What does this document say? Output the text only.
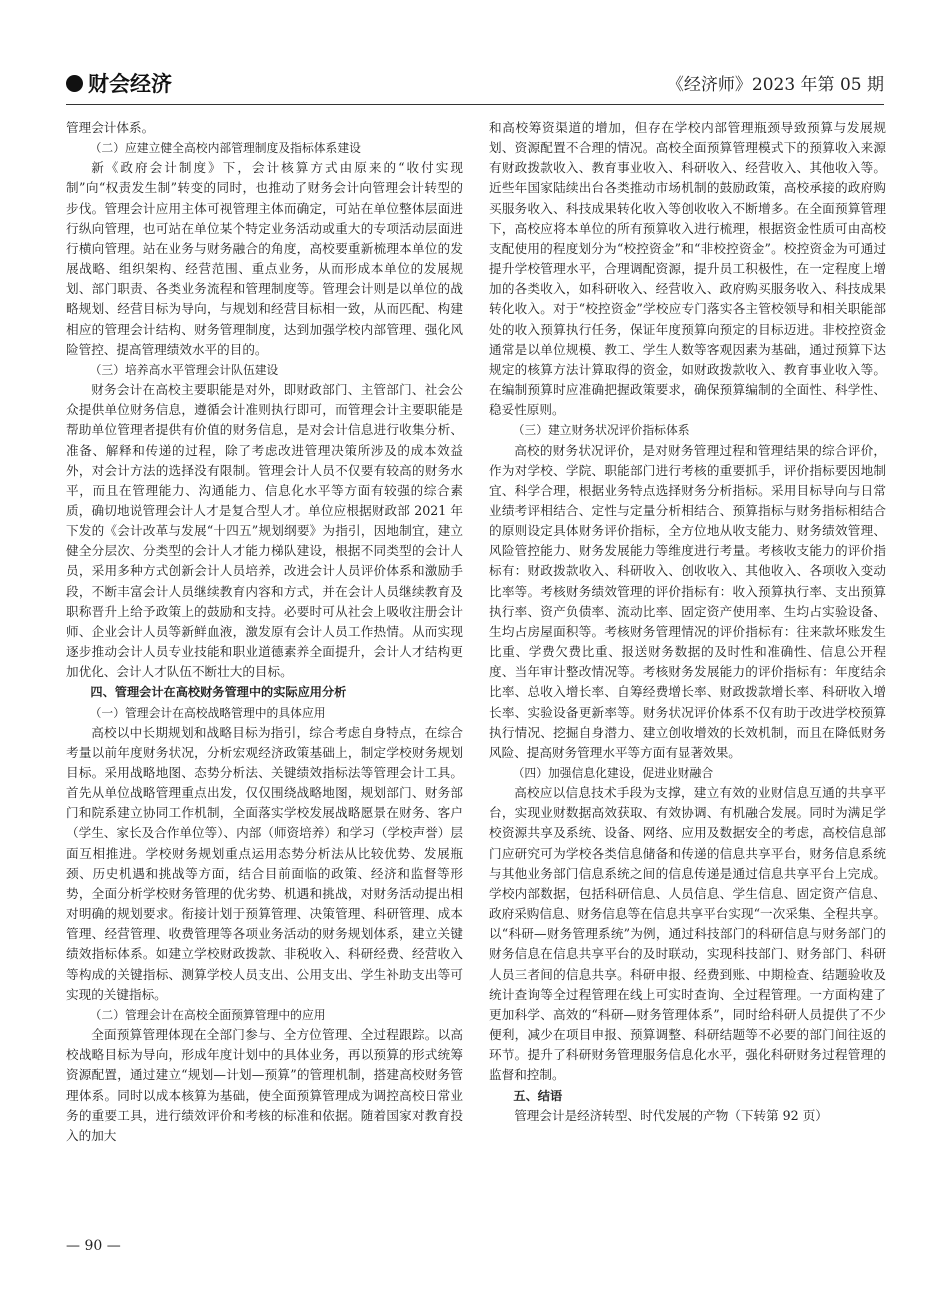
财会经济	《经济师》2023 年第 05 期

管理会计体系。

（二）应建立健全高校内部管理制度及指标体系建设

新《政府会计制度》下，会计核算方式由原来的“收付实现制”向“权责发生制”转变的同时，也推动了财务会计向管理会计转型的步伐。管理会计应用主体可视管理主体而确定，可站在单位整体层面进行纵向管理，也可站在单位某个特定业务活动或重大的专项活动层面进行横向管理。站在业务与财务融合的角度，高校要重新梳理本单位的发展战略、组织架构、经营范围、重点业务，从而形成本单位的发展规划、部门职责、各类业务流程和管理制度等。管理会计则是以单位的战略规划、经营目标为导向，与规划和经营目标相一致，从而匹配、构建相应的管理会计结构、财务管理制度，达到加强学校内部管理、强化风险管控、提高管理绩效水平的目的。

（三）培养高水平管理会计队伍建设

财务会计在高校主要职能是对外，即财政部门、主管部门、社会公众提供单位财务信息，遵循会计准则执行即可，而管理会计主要职能是帮助单位管理者提供有价值的财务信息，是对会计信息进行收集分析、准备、解释和传递的过程，除了考虑改进管理决策所涉及的成本效益外，对会计方法的选择没有限制。管理会计人员不仅要有较高的财务水平，而且在管理能力、沟通能力、信息化水平等方面有较强的综合素质，确切地说管理会计人才是复合型人才。单位应根据财政部 2021 年下发的《会计改革与发展“十四五”规划纲要》为指引，因地制宜，建立健全分层次、分类型的会计人才能力梯队建设，根据不同类型的会计人员，采用多种方式创新会计人员培养，改进会计人员评价体系和激励手段，不断丰富会计人员继续教育内容和方式，并在会计人员继续教育及职称晋升上给予政策上的鼓励和支持。必要时可从社会上吸收注册会计师、企业会计人员等新鲜血液，激发原有会计人员工作热情。从而实现逐步推动会计人员专业技能和职业道德素养全面提升，会计人才结构更加优化、会计人才队伍不断壮大的目标。

四、管理会计在高校财务管理中的实际应用分析

（一）管理会计在高校战略管理中的具体应用

高校以中长期规划和战略目标为指引，综合考虑自身特点，在综合考量以前年度财务状况，分析宏观经济政策基础上，制定学校财务规划目标。采用战略地图、态势分析法、关键绩效指标法等管理会计工具。首先从单位战略管理重点出发，仅仅围绕战略地图，规划部门、财务部门和院系建立协同工作机制，全面落实学校发展战略愿景在财务、客户（学生、家长及合作单位等）、内部（师资培养）和学习（学校声誉）层面互相推进。学校财务规划重点运用态势分析法从比较优势、发展瓶颈、历史机遇和挑战等方面，结合目前面临的政策、经济和监督等形势，全面分析学校财务管理的优劣势、机遇和挑战，对财务活动提出相对明确的规划要求。衔接计划于预算管理、决策管理、科研管理、成本管理、经营管理、收费管理等各项业务活动的财务规划体系，建立关键绩效指标体系。如建立学校财政拨款、非税收入、科研经费、经营收入等构成的关键指标、测算学校人员支出、公用支出、学生补助支出等可实现的关键指标。

（二）管理会计在高校全面预算管理中的应用

全面预算管理体现在全部门参与、全方位管理、全过程跟踪。以高校战略目标为导向，形成年度计划中的具体业务，再以预算的形式统筹资源配置，通过建立“规划—计划—预算”的管理机制，搭建高校财务管理体系。同时以成本核算为基础，使全面预算管理成为调控高校日常业务的重要工具，进行绩效评价和考核的标准和依据。随着国家对教育投入的加大

和高校筹资渠道的增加，但存在学校内部管理瓶颈导致预算与发展规划、资源配置不合理的情况。高校全面预算管理模式下的预算收入来源有财政拨款收入、教育事业收入、科研收入、经营收入、其他收入等。近些年国家陆续出台各类推动市场机制的鼓励政策，高校承接的政府购买服务收入、科技成果转化收入等创收收入不断增多。在全面预算管理下，高校应将本单位的所有预算收入进行梳理，根据资金性质可由高校支配使用的程度划分为“校控资金”和“非校控资金”。校控资金为可通过提升学校管理水平，合理调配资源，提升员工积极性，在一定程度上增加的各类收入，如科研收入、经营收入、政府购买服务收入、科技成果转化收入。对于“校控资金”学校应专门落实各主管校领导和相关职能部处的收入预算执行任务，保证年度预算向预定的目标迈进。非校控资金通常是以单位规模、教工、学生人数等客观因素为基础，通过预算下达规定的核算方法计算取得的资金，如财政拨款收入、教育事业收入等。在编制预算时应准确把握政策要求，确保预算编制的全面性、科学性、稳妥性原则。

（三）建立财务状况评价指标体系

高校的财务状况评价，是对财务管理过程和管理结果的综合评价，作为对学校、学院、职能部门进行考核的重要抓手，评价指标要因地制宜、科学合理，根据业务特点选择财务分析指标。采用目标导向与日常业绩考评相结合、定性与定量分析相结合、预算指标与财务指标相结合的原则设定具体财务评价指标，全方位地从收支能力、财务绩效管理、风险管控能力、财务发展能力等维度进行考量。考核收支能力的评价指标有：财政拨款收入、科研收入、创收收入、其他收入、各项收入变动比率等。考核财务绩效管理的评价指标有：收入预算执行率、支出预算执行率、资产负债率、流动比率、固定资产使用率、生均占实验设备、生均占房屋面积等。考核财务管理情况的评价指标有：往来款坏账发生比重、学费欠费比重、报送财务数据的及时性和准确性、信息公开程度、当年审计整改情况等。考核财务发展能力的评价指标有：年度结余比率、总收入增长率、自筹经费增长率、财政拨款增长率、科研收入增长率、实验设备更新率等。财务状况评价体系不仅有助于改进学校预算执行情况、挖掘自身潜力、建立创收增效的长效机制，而且在降低财务风险、提高财务管理水平等方面有显著效果。

（四）加强信息化建设，促进业财融合

高校应以信息技术手段为支撑，建立有效的业财信息互通的共享平台，实现业财数据高效获取、有效协调、有机融合发展。同时为满足学校资源共享及系统、设备、网络、应用及数据安全的考虑，高校信息部门应研究可为学校各类信息储备和传递的信息共享平台，财务信息系统与其他业务部门信息系统之间的信息传递是通过信息共享平台上完成。学校内部数据，包括科研信息、人员信息、学生信息、固定资产信息、政府采购信息、财务信息等在信息共享平台实现“一次采集、全程共享。以“科研—财务管理系统”为例，通过科技部门的科研信息与财务部门的财务信息在信息共享平台的及时联动，实现科技部门、财务部门、科研人员三者间的信息共享。科研申报、经费到账、中期检查、结题验收及统计查询等全过程管理在线上可实时查询、全过程管理。一方面构建了更加科学、高效的“科研—财务管理体系”，同时给科研人员提供了不少便利，减少在项目申报、预算调整、科研结题等不必要的部门间往返的环节。提升了科研财务管理服务信息化水平，强化科研财务过程管理的监督和控制。

五、结语

管理会计是经济转型、时代发展的产物（下转第 92 页）

— 90 —
